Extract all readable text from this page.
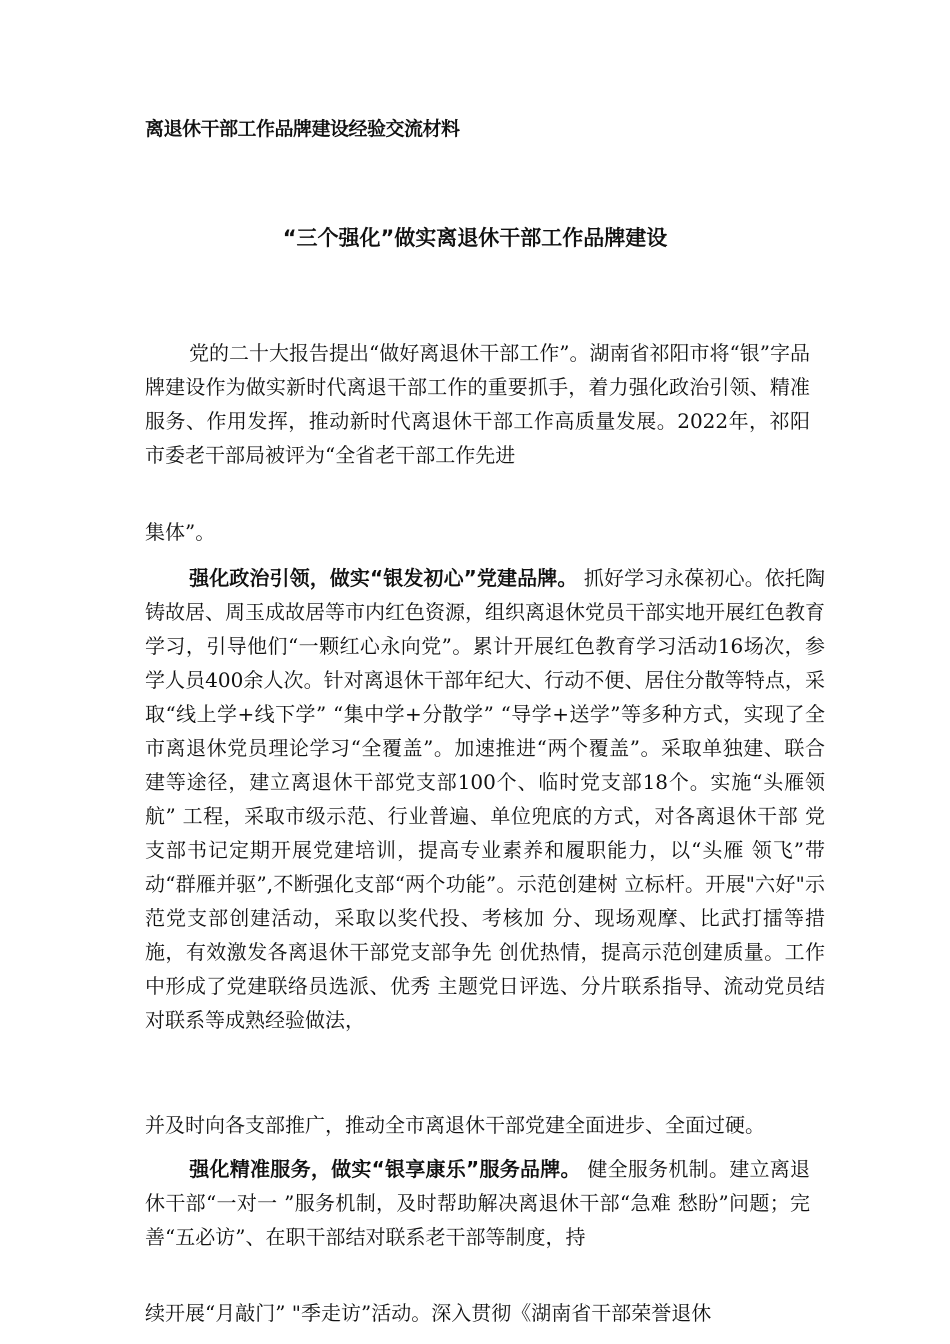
离退休干部工作品牌建设经验交流材料
“三个强化”做实离退休干部工作品牌建设

党的二十大报告提出“做好离退休干部工作”。湖南省祁阳市将“银”字品牌建设作为做实新时代离退干部工作的重要抓手，着力强化政治引领、精准服务、作用发挥，推动新时代离退休干部工作高质量发展。2022年，祁阳市委老干部局被评为“全省老干部工作先进

集体”。

强化政治引领，做实“银发初心”党建品牌。 抓好学习永葆初心。依托陶铸故居、周玉成故居等市内红色资源，组织离退休党员干部实地开展红色教育学习，引导他们“一颗红心永向党”。累计开展红色教育学习活动16场次，参学人员400余人次。针对离退休干部年纪大、行动不便、居住分散等特点，采取“线上学+线下学” “集中学+分散学” “导学+送学”等多种方式，实现了全市离退休党员理论学习“全覆盖”。加速推进“两个覆盖”。采取单独建、联合建等途径，建立离退休干部党支部100个、临时党支部18个。实施“头雁领航” 工程，采取市级示范、行业普遍、单位兜底的方式，对各离退休干部 党支部书记定期开展党建培训，提高专业素养和履职能力，以“头雁 领飞”带动“群雁并驱”,不断强化支部“两个功能”。示范创建树 立标杆。开展"六好"示范党支部创建活动，采取以奖代投、考核加 分、现场观摩、比武打擂等措施，有效激发各离退休干部党支部争先 创优热情，提高示范创建质量。工作中形成了党建联络员选派、优秀 主题党日评选、分片联系指导、流动党员结对联系等成熟经验做法，

并及时向各支部推广，推动全市离退休干部党建全面进步、全面过硬。

强化精准服务，做实“银享康乐”服务品牌。 健全服务机制。建立离退休干部“一对一 ”服务机制，及时帮助解决离退休干部“急难 愁盼”问题；完善“五必访”、在职干部结对联系老干部等制度，持

续开展“月敲门” "季走访”活动。深入贯彻《湖南省干部荣誉退休
